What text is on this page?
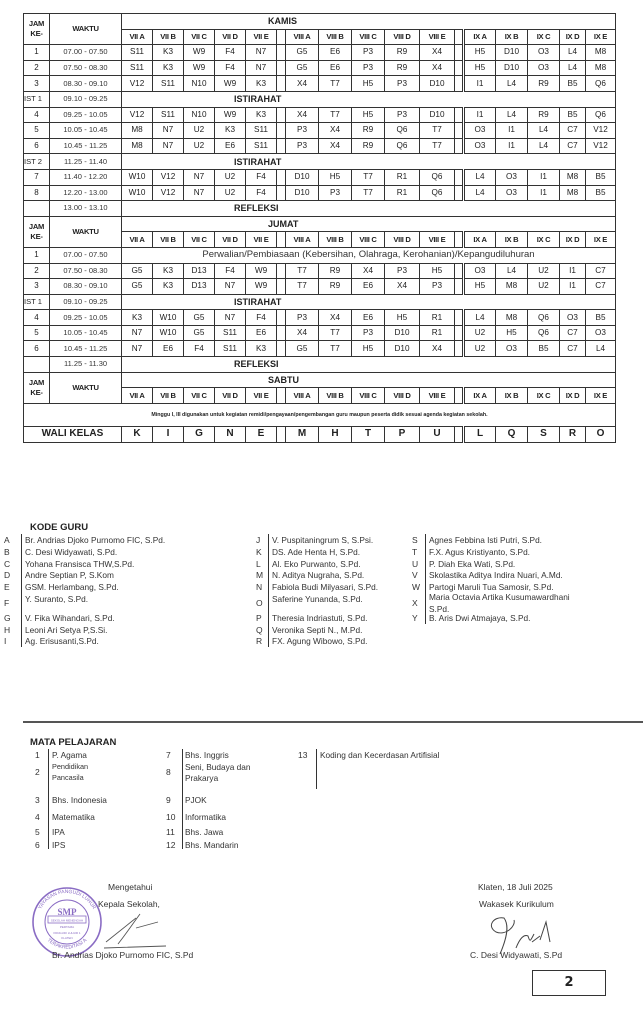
JAM
KE-	WAKTU	KAMIS																
		VII A	VII B	VII C	VII D	VII E		VIII A	VIII B	VIII C	VIII D	VIII E		IX A	IX B	IX C	IX D	IX E
1	07.00 - 07.50	S11	K3	W9	F4	N7		G5	E6	P3	R9	X4		H5	D10	O3	L4	M8
2	07.50 - 08.30	S11	K3	W9	F4	N7		G5	E6	P3	R9	X4		H5	D10	O3	L4	M8
3	08.30 - 09.10	V12	S11	N10	W9	K3		X4	T7	H5	P3	D10		I1	L4	R9	B5	Q6
IST 1	09.10 - 09.25	ISTIRAHAT																
4	09.25 - 10.05	V12	S11	N10	W9	K3		X4	T7	H5	P3	D10		I1	L4	R9	B5	Q6
5	10.05 - 10.45	M8	N7	U2	K3	S11		P3	X4	R9	Q6	T7		O3	I1	L4	C7	V12
6	10.45 - 11.25	M8	N7	U2	E6	S11		P3	X4	R9	Q6	T7		O3	I1	L4	C7	V12
IST 2	11.25 - 11.40	ISTIRAHAT																
7	11.40 - 12.20	W10	V12	N7	U2	F4		D10	H5	T7	R1	Q6		L4	O3	I1	M8	B5
8	12.20 - 13.00	W10	V12	N7	U2	F4		D10	P3	T7	R1	Q6		L4	O3	I1	M8	B5
	13.00 - 13.10	REFLEKSI																
JAM
KE-	WAKTU	JUMAT																
		VII A	VII B	VII C	VII D	VII E		VIII A	VIII B	VIII C	VIII D	VIII E		IX A	IX B	IX C	IX D	IX E
1	07.00 - 07.50	Perwalian/Pembiasaan (Kebersihan, Olahraga, Kerohanian)/Kepangudiluhuran																
2	07.50 - 08.30	G5	K3	D13	F4	W9		T7	R9	X4	P3	H5		O3	L4	U2	I1	C7
3	08.30 - 09.10	G5	K3	D13	N7	W9		T7	R9	E6	X4	P3		H5	M8	U2	I1	C7
IST 1	09.10 - 09.25	ISTIRAHAT																
4	09.25 - 10.05	K3	W10	G5	N7	F4		P3	X4	E6	H5	R1		L4	M8	Q6	O3	B5
5	10.05 - 10.45	N7	W10	G5	S11	E6		X4	T7	P3	D10	R1		U2	H5	Q6	C7	O3
6	10.45 - 11.25	N7	E6	F4	S11	K3		G5	T7	H5	D10	X4		U2	O3	B5	C7	L4
	11.25 - 11.30	REFLEKSI																
JAM
KE-	WAKTU	SABTU																
		VII A	VII B	VII C	VII D	VII E		VIII A	VIII B	VIII C	VIII D	VIII E		IX A	IX B	IX C	IX D	IX E
Minggu I, III digunakan untuk kegiatan remidi/pengayaan/pengembangan guru maupun peserta didik sesuai agenda kegiatan sekolah.																		
WALI KELAS		K	I	G	N	E		M	H	T	P	U		L	Q	S	R	O
KODE GURU
A Br. Andrias Djoko Purnomo FIC, S.Pd.
B C. Desi Widyawati, S.Pd.
C Yohana Fransisca THW,S.Pd.
D Andre Septian P, S.Kom
E GSM. Herlambang, S.Pd.
F Y. Suranto, S.Pd.
G V. Fika Wihandari, S.Pd.
H Leoni Ari Setya P,S.Si.
I Ag. Erisusanti,S.Pd.
J V. Puspitaningrum S, S.Psi.
K DS. Ade Henta H, S.Pd.
L Al. Eko Purwanto, S.Pd.
M N. Aditya Nugraha, S.Pd.
N Fabiola Budi Milyasari, S.Pd.
O Saferine Yunanda, S.Pd.
P Theresia Indriastuti, S.Pd.
Q Veronika Septi N., M.Pd.
R FX. Agung Wibowo, S.Pd.
S Agnes Febbina Isti Putri, S.Pd.
T F.X. Agus Kristiyanto, S.Pd.
U P. Diah Eka Wati, S.Pd.
V Skolastika Aditya Indira Nuari, A.Md.
W Partogi Maruli Tua Samosir, S.Pd.
X
Maria Octavia Artika Kusumawardhani
S.Pd.
Y B. Aris Dwi Atmajaya, S.Pd.
MATA PELAJARAN
1 P. Agama
2
Pendidikan
Pancasila
3 Bhs. Indonesia
4 Matematika
5 IPA
6 IPS
7 Bhs. Inggris
8 Seni, Budaya dan
Prakarya
9 PJOK
10 Informatika
11 Bhs. Jawa
12 Bhs. Mandarin
13 Koding dan Kecerdasan Artifisial
Mengetahui
Kepala Sekolah,
SMP
SEKOLAH MENENGAH
PERTAMA
PANGUDI LUHUR 1
KLATEN
YAYASAN PANGUDI LUHUR
TERAKREDITASI A
Br. Andrias Djoko Purnomo FIC, S.Pd
Klaten, 18 Juli 2025
Wakasek Kurikulum
C. Desi Widyawati, S.Pd
2
